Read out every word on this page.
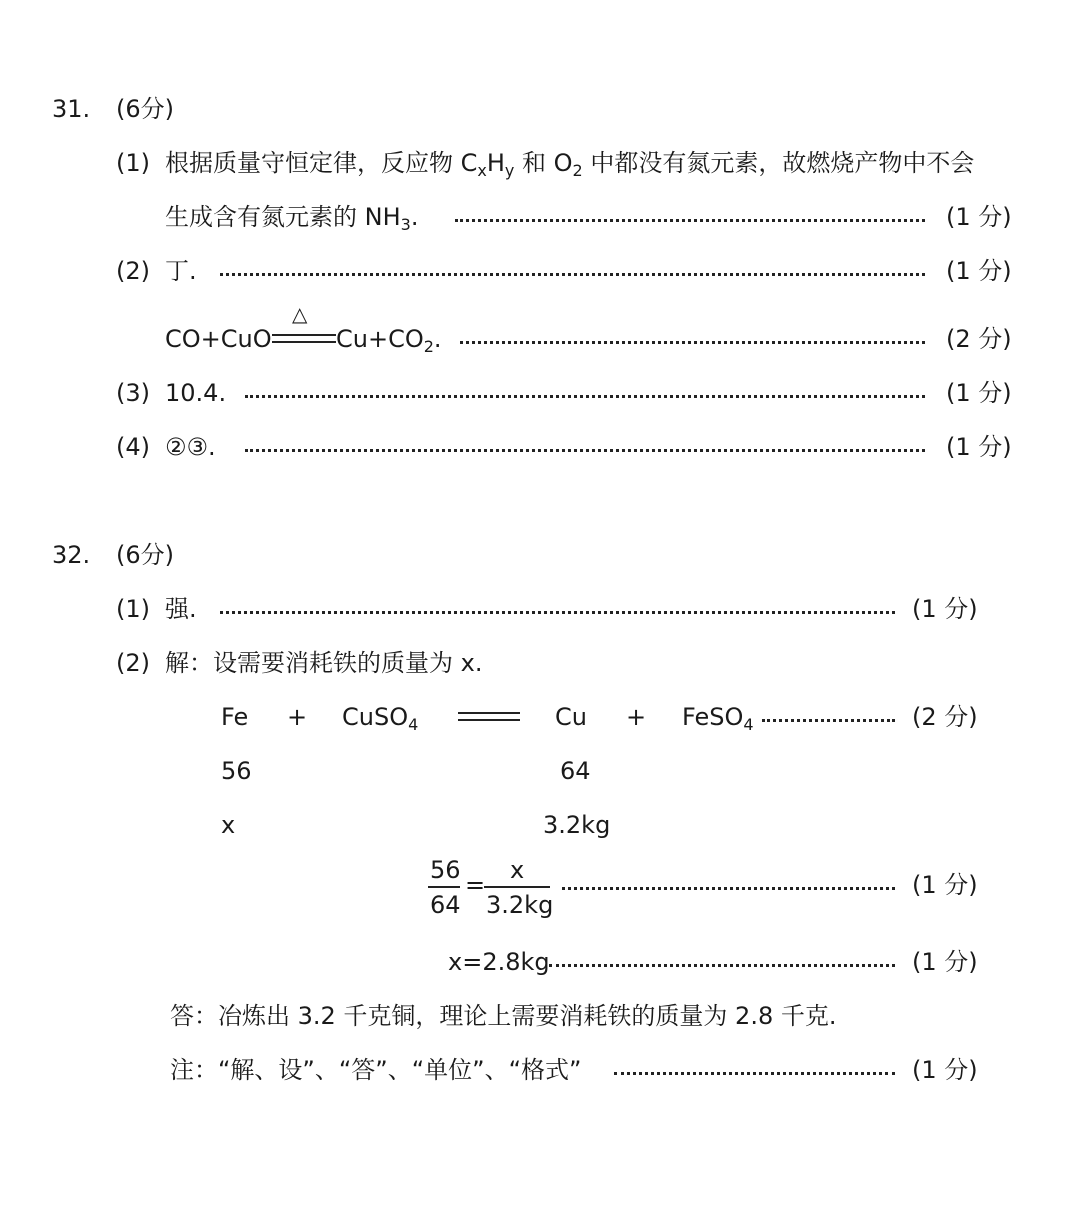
31. (6分)
(1) 根据质量守恒定律，反应物 $C_xH_y$ 和 $O_2$ 中都没有氮元素，故燃烧产物中不会
生成含有氮元素的 $NH_3$.	(1 分)
(2) 丁.	(1 分)
CO+CuO
△
$Cu+CO_2$.	(2 分)
(3) 10.4.	(1 分)
(4) ②③.	(1 分)
32. (6分)
(1) 强.	(1 分)
(2) 解：设需要消耗铁的质量为 x.
Fe + CuSO$_4$	Cu + FeSO$_4$	(2 分)
56	64
x	3.2kg
56
64
=
x
3.2kg
(1 分)
x=2.8kg	(1 分)
答：冶炼出 3.2 千克铜，理论上需要消耗铁的质量为 2.8 千克.
注：“解、设”、“答”、“单位”、“格式”	(1 分)
